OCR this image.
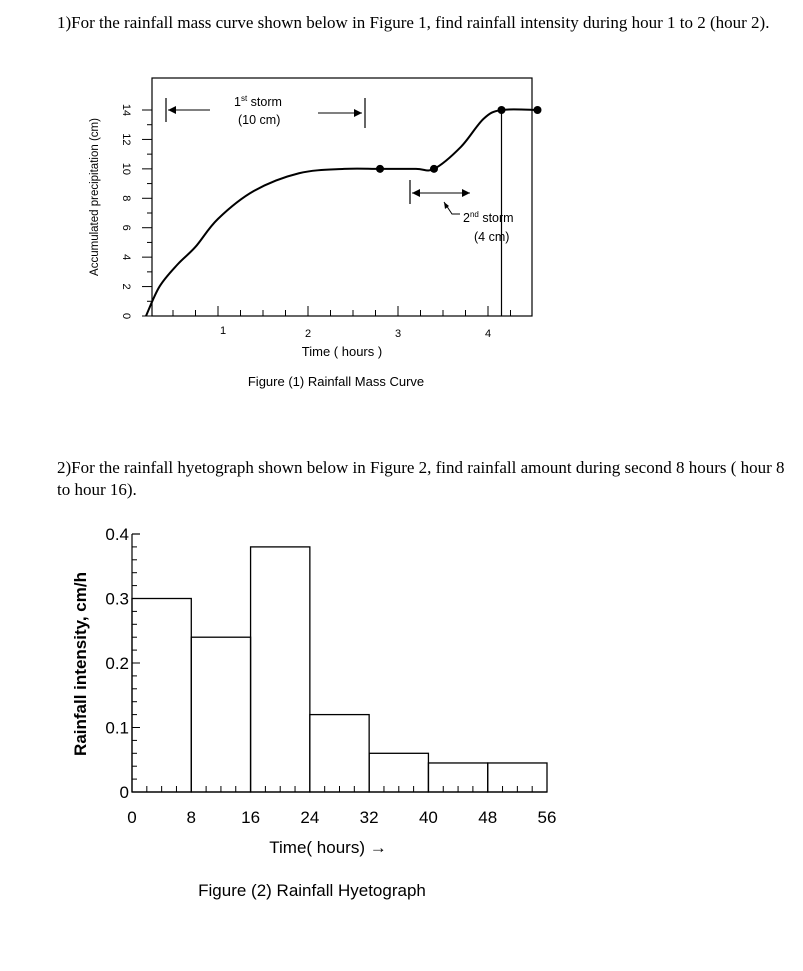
1)For the rainfall mass curve shown below in Figure 1, find rainfall intensity during hour 1 to 2 (hour 2).
0
2
4
6
8
10
12
14
Accumulated precipitation (cm)
1	2	3	4
Time ( hours )
1st storm
(10 cm)
2nd storm
(4 cm)
Figure (1) Rainfall Mass Curve
2)For the rainfall hyetograph shown below in Figure 2, find rainfall amount during second 8 hours ( hour 8 to hour 16).
0
0.1
0.2
0.3
0.4
Rainfall intensity, cm/h
0	8	16 24 32 40 48 56
Time( hours) →
Figure (2) Rainfall Hyetograph
